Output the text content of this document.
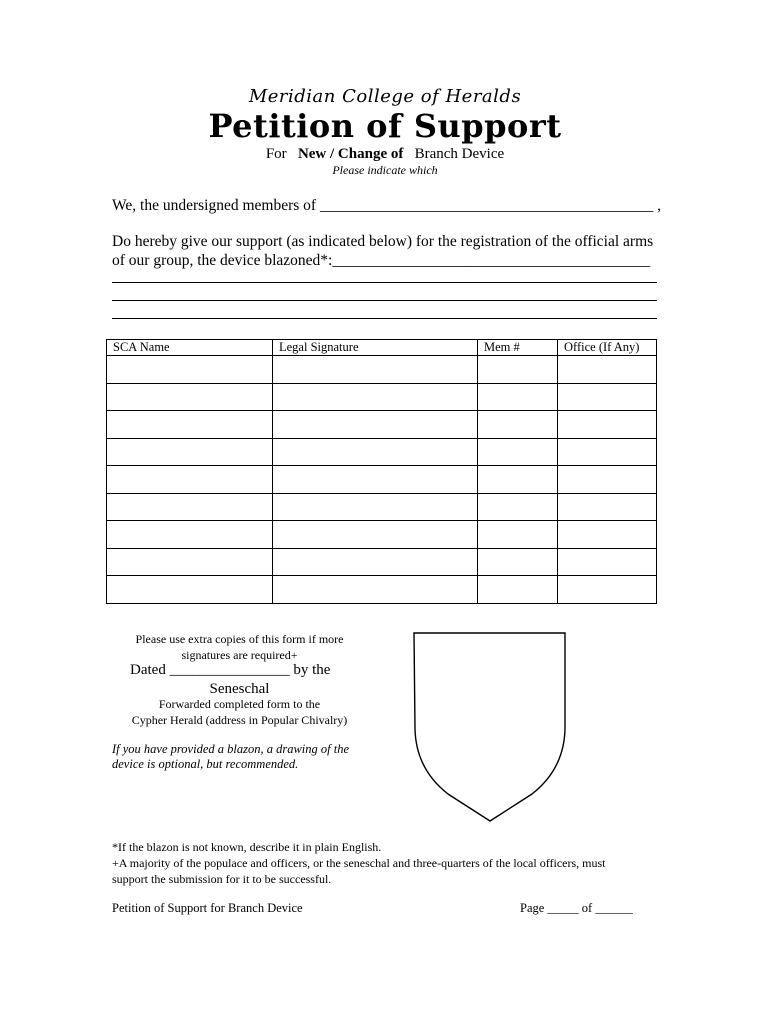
Meridian College of Heralds
Petition of Support
For New / Change of Branch Device
Please indicate which
We, the undersigned members of ___________________________________________ ,
Do hereby give our support (as indicated below) for the registration of the official arms
of our group, the device blazoned*:_________________________________________
SCA Name	Legal Signature	Mem #	Office (If Any)

Please use extra copies of this form if more
signatures are required+
Dated ________________ by the
Seneschal
Forwarded completed form to the
Cypher Herald (address in Popular Chivalry)
If you have provided a blazon, a drawing of the
device is optional, but recommended.
*If the blazon is not known, describe it in plain English.
+A majority of the populace and officers, or the seneschal and three-quarters of the local officers, must
support the submission for it to be successful.
Petition of Support for Branch Device	Page _____ of ______
